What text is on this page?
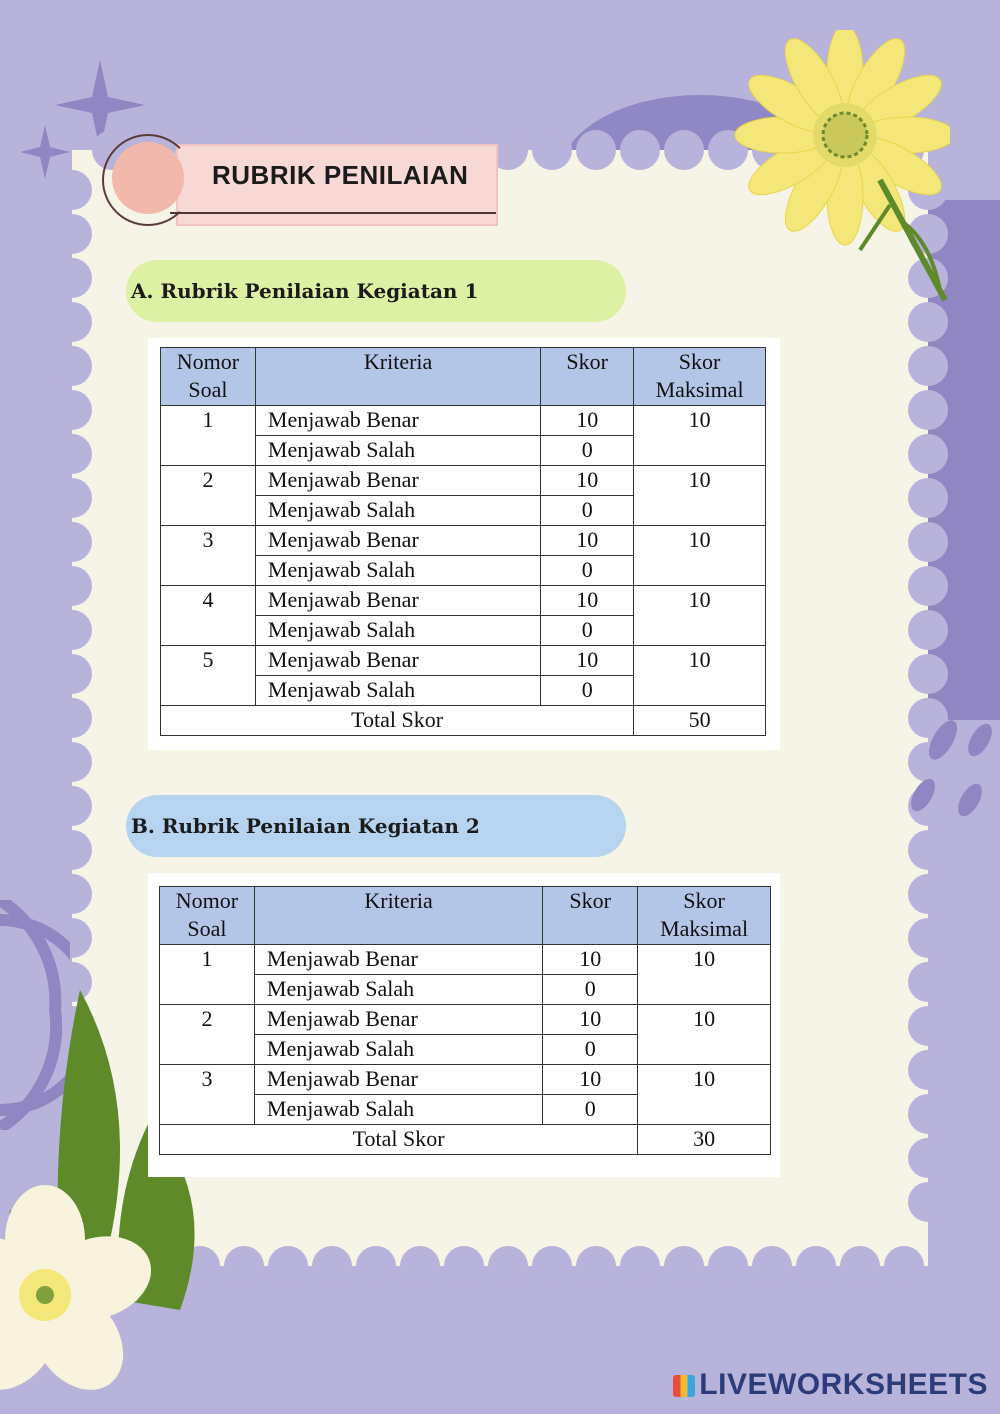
RUBRIK PENILAIAN
A. Rubrik Penilaian Kegiatan 1
Nomor Soal	Kriteria	Skor	Skor Maksimal
1	Menjawab Benar	10	10
	Menjawab Salah	0	
2	Menjawab Benar	10	10
	Menjawab Salah	0	
3	Menjawab Benar	10	10
	Menjawab Salah	0	
4	Menjawab Benar	10	10
	Menjawab Salah	0	
5	Menjawab Benar	10	10
	Menjawab Salah	0	
Total Skor			50
B. Rubrik Penilaian Kegiatan 2
Nomor Soal	Kriteria	Skor	Skor Maksimal
1	Menjawab Benar	10	10
	Menjawab Salah	0	
2	Menjawab Benar	10	10
	Menjawab Salah	0	
3	Menjawab Benar	10	10
	Menjawab Salah	0	
Total Skor			30
LIVEWORKSHEETS
